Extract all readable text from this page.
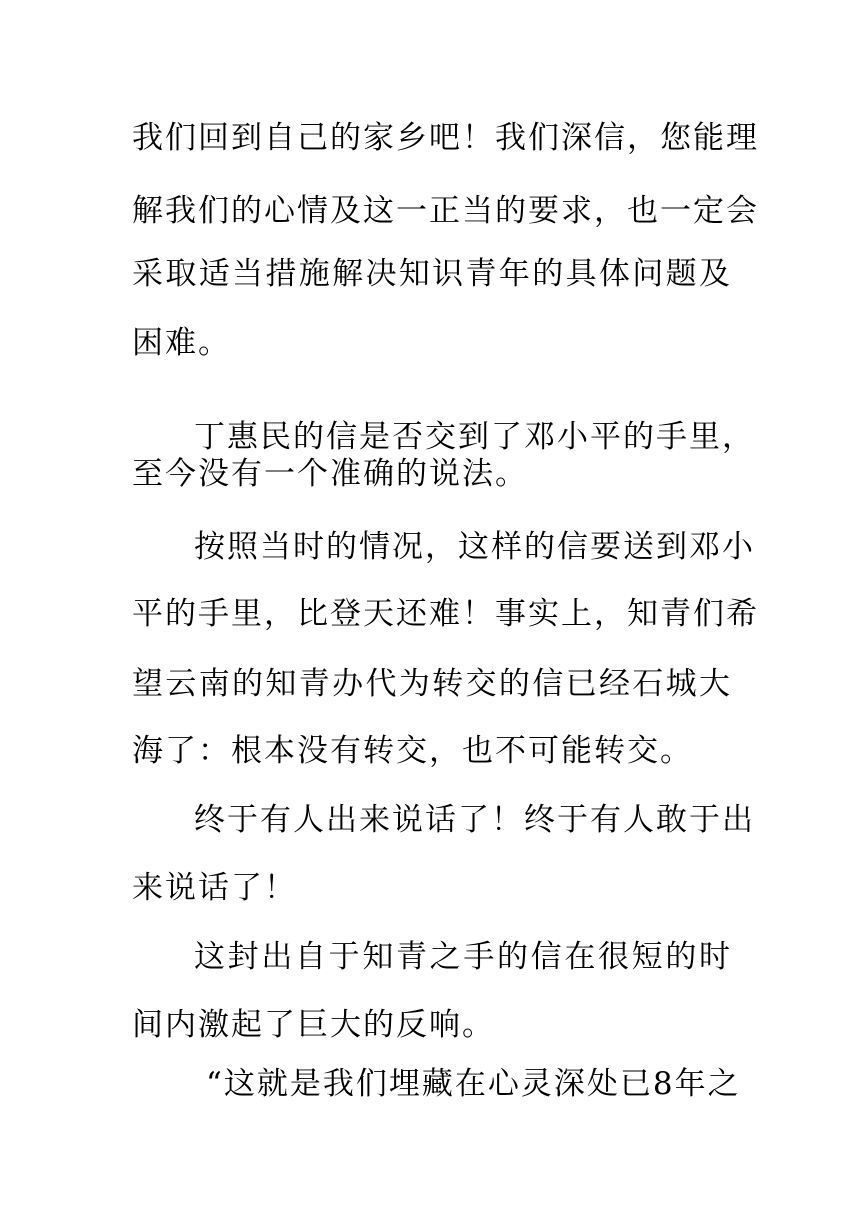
我们回到自己的家乡吧！我们深信，您能理
解我们的心情及这一正当的要求，也一定会
采取适当措施解决知识青年的具体问题及
困难。
丁惠民的信是否交到了邓小平的手里，
至今没有一个准确的说法。
按照当时的情况，这样的信要送到邓小
平的手里，比登天还难！事实上，知青们希
望云南的知青办代为转交的信已经石城大
海了：根本没有转交，也不可能转交。
终于有人出来说话了！终于有人敢于出
来说话了！
这封出自于知青之手的信在很短的时
间内激起了巨大的反响。
“这就是我们埋藏在心灵深处已8年之
